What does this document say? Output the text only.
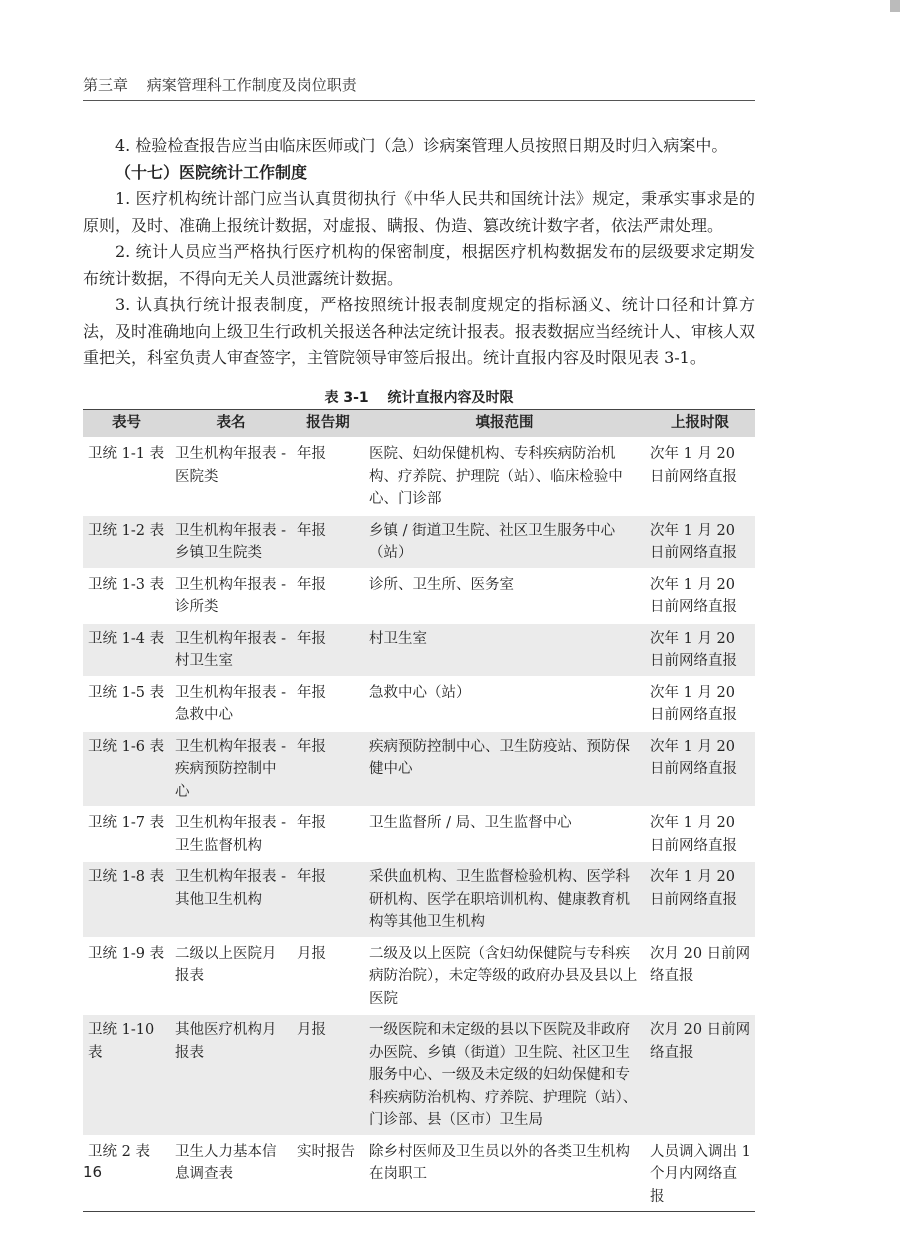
第三章 病案管理科工作制度及岗位职责

4. 检验检查报告应当由临床医师或门（急）诊病案管理人员按照日期及时归入病案中。

（十七）医院统计工作制度

1. 医疗机构统计部门应当认真贯彻执行《中华人民共和国统计法》规定，秉承实事求是的原则，及时、准确上报统计数据，对虚报、瞒报、伪造、篡改统计数字者，依法严肃处理。

2. 统计人员应当严格执行医疗机构的保密制度，根据医疗机构数据发布的层级要求定期发布统计数据，不得向无关人员泄露统计数据。

3. 认真执行统计报表制度，严格按照统计报表制度规定的指标涵义、统计口径和计算方法，及时准确地向上级卫生行政机关报送各种法定统计报表。报表数据应当经统计人、审核人双重把关，科室负责人审查签字，主管院领导审签后报出。统计直报内容及时限见表 3-1。

表 3-1 统计直报内容及时限
表号	表名	报告期	填报范围	上报时限
卫统 1-1 表	卫生机构年报表 - 医院类	年报	医院、妇幼保健机构、专科疾病防治机构、疗养院、护理院（站）、临床检验中心、门诊部	次年 1 月 20 日前网络直报
卫统 1-2 表	卫生机构年报表 - 乡镇卫生院类	年报	乡镇 / 街道卫生院、社区卫生服务中心（站）	次年 1 月 20 日前网络直报
卫统 1-3 表	卫生机构年报表 - 诊所类	年报	诊所、卫生所、医务室	次年 1 月 20 日前网络直报
卫统 1-4 表	卫生机构年报表 - 村卫生室	年报	村卫生室	次年 1 月 20 日前网络直报
卫统 1-5 表	卫生机构年报表 - 急救中心	年报	急救中心（站）	次年 1 月 20 日前网络直报
卫统 1-6 表	卫生机构年报表 - 疾病预防控制中心	年报	疾病预防控制中心、卫生防疫站、预防保健中心	次年 1 月 20 日前网络直报
卫统 1-7 表	卫生机构年报表 - 卫生监督机构	年报	卫生监督所 / 局、卫生监督中心	次年 1 月 20 日前网络直报
卫统 1-8 表	卫生机构年报表 - 其他卫生机构	年报	采供血机构、卫生监督检验机构、医学科研机构、医学在职培训机构、健康教育机构等其他卫生机构	次年 1 月 20 日前网络直报
卫统 1-9 表	二级以上医院月报表	月报	二级及以上医院（含妇幼保健院与专科疾病防治院），未定等级的政府办县及县以上医院	次月 20 日前网络直报
卫统 1-10 表	其他医疗机构月报表	月报	一级医院和未定级的县以下医院及非政府办医院、乡镇（街道）卫生院、社区卫生服务中心、一级及未定级的妇幼保健和专科疾病防治机构、疗养院、护理院（站）、门诊部、县（区市）卫生局	次月 20 日前网络直报
卫统 2 表	卫生人力基本信息调查表	实时报告	除乡村医师及卫生员以外的各类卫生机构在岗职工	人员调入调出 1 个月内网络直报
16
